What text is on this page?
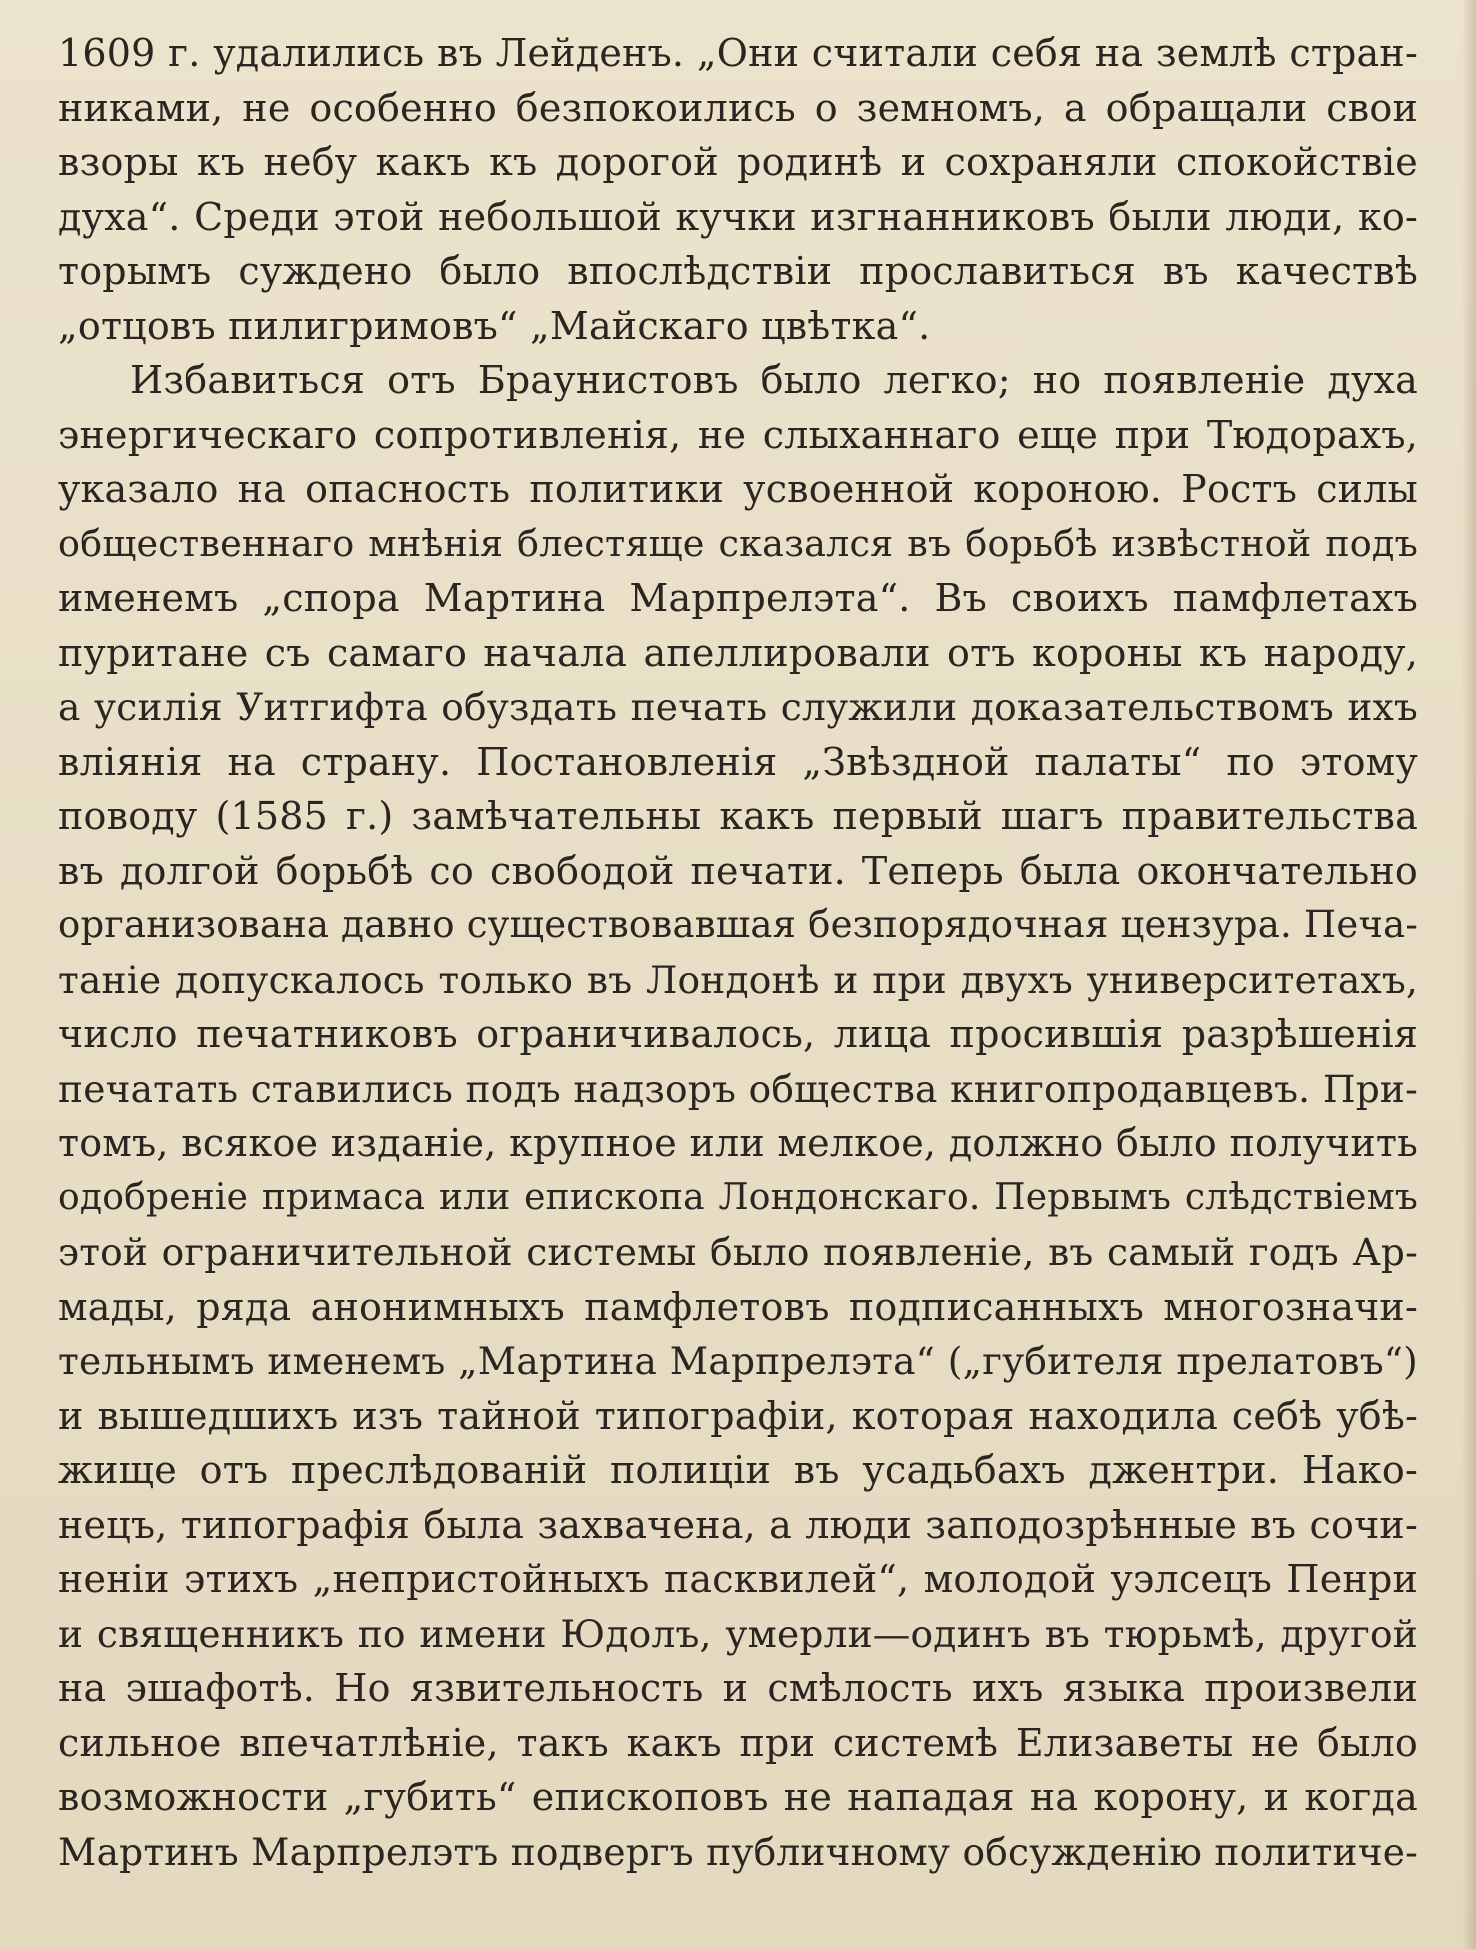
1609 г. удалились въ Лейденъ. „Они считали себя на землѣ стран-
никами, не особенно безпокоились о земномъ, а обращали свои
взоры къ небу какъ къ дорогой родинѣ и сохраняли спокойствіе
духа“. Среди этой небольшой кучки изгнанниковъ были люди, ко-
торымъ суждено было впослѣдствіи прославиться въ качествѣ
„отцовъ пилигримовъ“ „Майскаго цвѣтка“.
Избавиться отъ Браунистовъ было легко; но появленіе духа
энергическаго сопротивленія, не слыханнаго еще при Тюдорахъ,
указало на опасность политики усвоенной короною. Ростъ силы
общественнаго мнѣнія блестяще сказался въ борьбѣ извѣстной подъ
именемъ „спора Мартина Марпрелэта“. Въ своихъ памфлетахъ
пуритане съ самаго начала апеллировали отъ короны къ народу,
а усилія Уитгифта обуздать печать служили доказательствомъ ихъ
вліянія на страну. Постановленія „Звѣздной палаты“ по этому
поводу (1585 г.) замѣчательны какъ первый шагъ правительства
въ долгой борьбѣ со свободой печати. Теперь была окончательно
организована давно существовавшая безпорядочная цензура. Печа-
таніе допускалось только въ Лондонѣ и при двухъ университетахъ,
число печатниковъ ограничивалось, лица просившія разрѣшенія
печатать ставились подъ надзоръ общества книгопродавцевъ. При-
томъ, всякое изданіе, крупное или мелкое, должно было получить
одобреніе примаса или епископа Лондонскаго. Первымъ слѣдствіемъ
этой ограничительной системы было появленіе, въ самый годъ Ар-
мады, ряда анонимныхъ памфлетовъ подписанныхъ многозначи-
тельнымъ именемъ „Мартина Марпрелэта“ („губителя прелатовъ“)
и вышедшихъ изъ тайной типографіи, которая находила себѣ убѣ-
жище отъ преслѣдованій полиціи въ усадьбахъ джентри. Нако-
нецъ, типографія была захвачена, а люди заподозрѣнные въ сочи-
неніи этихъ „непристойныхъ пасквилей“, молодой уэлсецъ Пенри
и священникъ по имени Юдолъ, умерли—одинъ въ тюрьмѣ, другой
на эшафотѣ. Но язвительность и смѣлость ихъ языка произвели
сильное впечатлѣніе, такъ какъ при системѣ Елизаветы не было
возможности „губить“ епископовъ не нападая на корону, и когда
Мартинъ Марпрелэтъ подвергъ публичному обсужденію политиче-
